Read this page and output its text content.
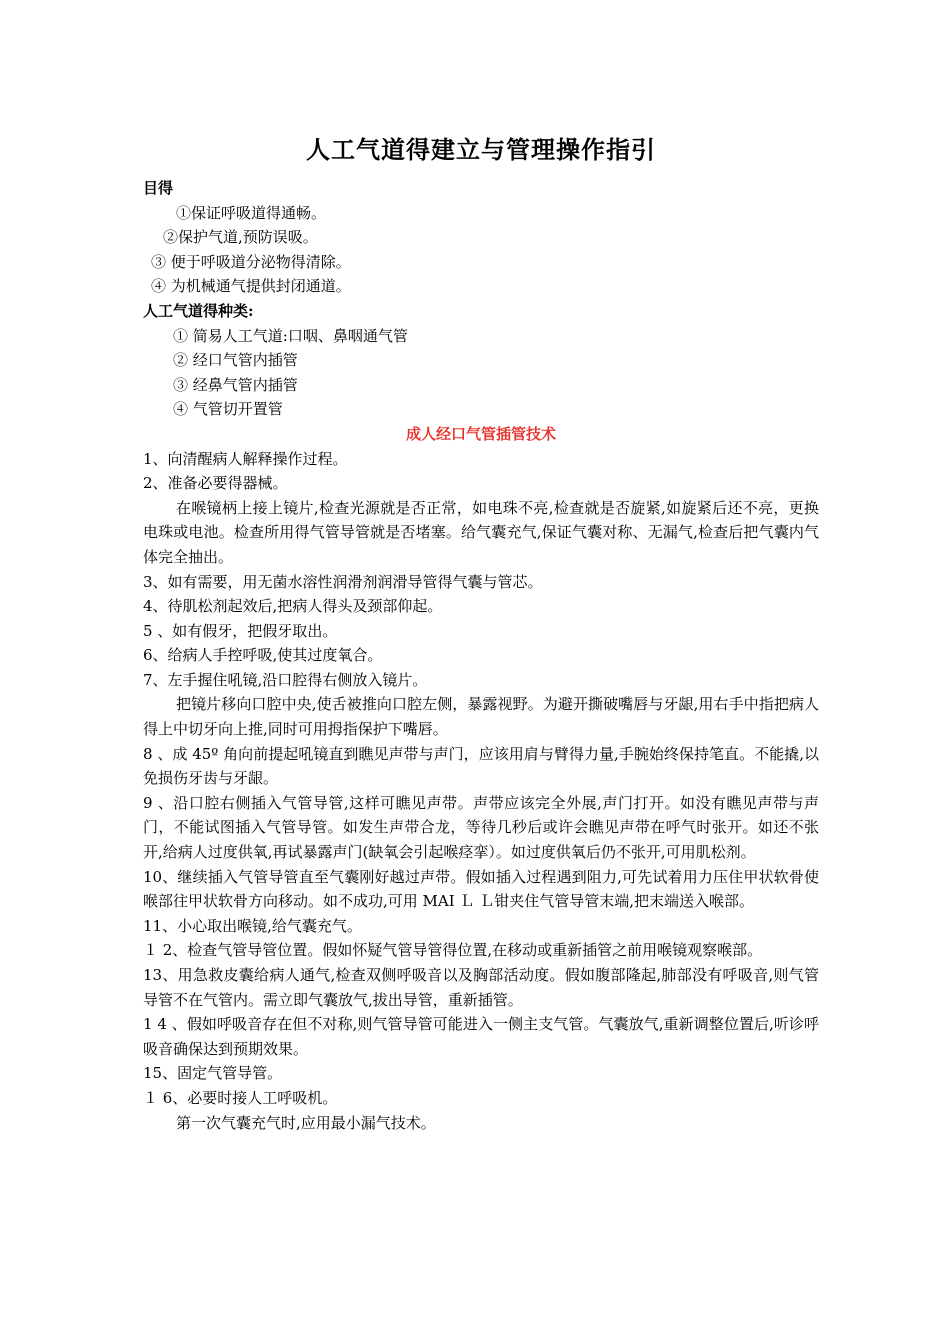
人工气道得建立与管理操作指引
目得
①保证呼吸道得通畅。
②保护气道,预防误吸。
③ 便于呼吸道分泌物得清除。
④ 为机械通气提供封闭通道。
人工气道得种类:
① 简易人工气道:口咽、鼻咽通气管
② 经口气管内插管
③ 经鼻气管内插管
④ 气管切开置管
成人经口气管插管技术
1、向清醒病人解释操作过程。
2、准备必要得器械。
在喉镜柄上接上镜片,检查光源就是否正常，如电珠不亮,检查就是否旋紧,如旋紧后还不亮，更换电珠或电池。检查所用得气管导管就是否堵塞。给气囊充气,保证气囊对称、无漏气,检查后把气囊内气体完全抽出。
3、如有需要，用无菌水溶性润滑剂润滑导管得气囊与管芯。
4、待肌松剂起效后,把病人得头及颈部仰起。
5 、如有假牙，把假牙取出。
6、给病人手控呼吸,使其过度氧合。
7、左手握住吼镜,沿口腔得右侧放入镜片。
把镜片移向口腔中央,使舌被推向口腔左侧，暴露视野。为避开撕破嘴唇与牙龈,用右手中指把病人得上中切牙向上推,同时可用拇指保护下嘴唇。
8 、成 45º 角向前提起吼镜直到瞧见声带与声门，应该用肩与臂得力量,手腕始终保持笔直。不能撬,以免损伤牙齿与牙龈。
9 、沿口腔右侧插入气管导管,这样可瞧见声带。声带应该完全外展,声门打开。如没有瞧见声带与声门，不能试图插入气管导管。如发生声带合龙，等待几秒后或许会瞧见声带在呼气时张开。如还不张开,给病人过度供氧,再试暴露声门(缺氧会引起喉痉挛）。如过度供氧后仍不张开,可用肌松剂。
10、继续插入气管导管直至气囊刚好越过声带。假如插入过程遇到阻力,可先试着用力压住甲状软骨使喉部往甲状软骨方向移动。如不成功,可用 MAI Ｌ Ｌ钳夹住气管导管末端,把末端送入喉部。
11、小心取出喉镜,给气囊充气。
１ 2、检查气管导管位置。假如怀疑气管导管得位置,在移动或重新插管之前用喉镜观察喉部。
13、用急救皮囊给病人通气,检查双侧呼吸音以及胸部活动度。假如腹部隆起,肺部没有呼吸音,则气管导管不在气管内。需立即气囊放气,拔出导管，重新插管。
1 4 、假如呼吸音存在但不对称,则气管导管可能进入一侧主支气管。气囊放气,重新调整位置后,听诊呼吸音确保达到预期效果。
15、固定气管导管。
１ 6、必要时接人工呼吸机。
第一次气囊充气时,应用最小漏气技术。
